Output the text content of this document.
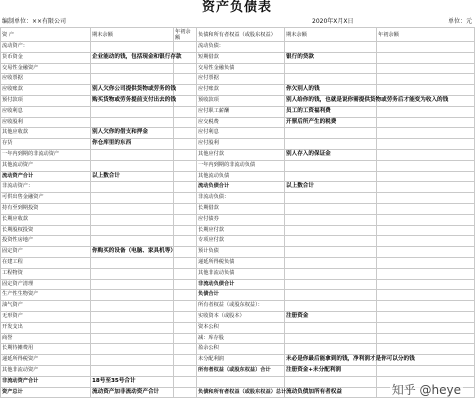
资产负债表
编制单位：××有限公司	2020年X月X日	单位：元
资 产	期末余额	年初余额	负债和所有者权益（或股东权益）	期末余额	年初余额
流动资产：			流动负债：		
货币资金	企业能动的钱，包括现金和银行存款		短期借款	银行的贷款	
交易性金融资产			交易性金融负债		
应收票据			应付票据		
应收账款	别人欠你公司提供货物或劳务的钱		应付账款	你欠别人的钱	
预付款项	购买货物或劳务提前支付出去的钱		预收款项	别人给你的钱，也就是说你需提供货物或劳务后才能变为收入的钱	
应收利息			应付职工薪酬	员工的工资福利费	
应收股利			应交税费	开票后所产生的税费	
其他应收款	别人欠你的借支和押金		应付利息		
存货	你仓库里的东西		应付股利		
一年内到期的非流动资产			其他应付款	别人存入的保证金	
其他流动资产			一年内到期的非流动负债		
流动资产合计	以上数合计		其他流动负债		
非流动资产：			流动负债合计	以上数合计	
可供出售金融资产			非流动负债：		
持有至到期投资			长期借款		
长期应收款			应付债券		
长期股权投资			长期应付款		
投资性房地产			专项应付款		
固定资产	你购买的设备（电脑、家具机等）		预计负债		
在建工程			递延所得税负债		
工程物资			其他非流动负债		
固定资产清理			非流动负债合计		
生产性生物资产			负债合计		
油气资产			所有者权益（或股东权益）：		
无形资产			实收资本（或股本）	注册资金	
开发支出			资本公积		
商誉			减：库存股		
长期待摊费用			盈余公积		
递延所得税资产			未分配利润	未必是你最后能拿到的钱，净利润才是你可以分的钱	
其他非流动资产			所有者权益（或股东权益）合计	注册资金+未分配利润	
非流动资产合计	18号至35号合计				
资产总计	流动资产加非流动资产合计		负债和所有者权益（或股东权益）总计	流动负债加所有者权益		知乎 @heye
